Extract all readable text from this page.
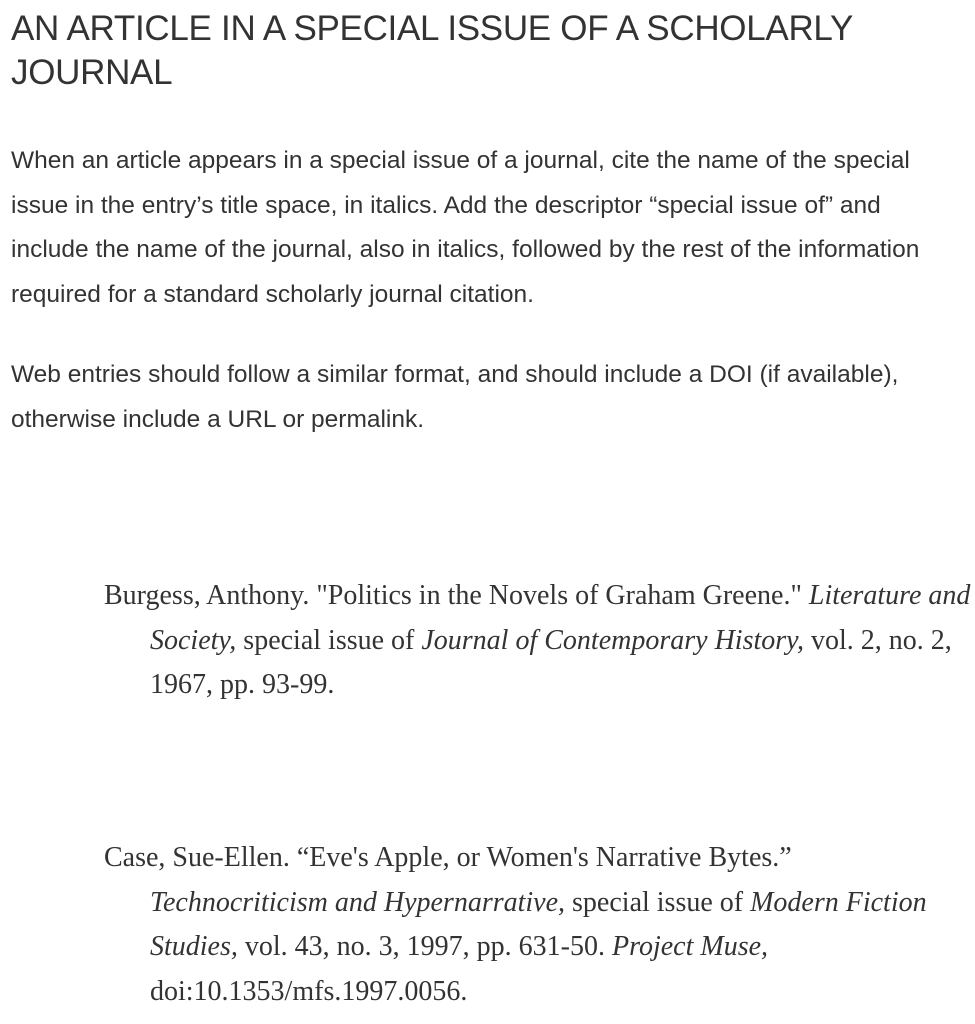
AN ARTICLE IN A SPECIAL ISSUE OF A SCHOLARLY JOURNAL

When an article appears in a special issue of a journal, cite the name of the special issue in the entry’s title space, in italics. Add the descriptor “special issue of” and include the name of the journal, also in italics, followed by the rest of the information required for a standard scholarly journal citation.

Web entries should follow a similar format, and should include a DOI (if available), otherwise include a URL or permalink.

Burgess, Anthony. "Politics in the Novels of Graham Greene." Literature and Society, special issue of Journal of Contemporary History, vol. 2, no. 2, 1967, pp. 93-99.
Case, Sue-Ellen. “Eve's Apple, or Women's Narrative Bytes.” Technocriticism and Hypernarrative, special issue of Modern Fiction Studies, vol. 43, no. 3, 1997, pp. 631-50. Project Muse, doi:10.1353/mfs.1997.0056.
